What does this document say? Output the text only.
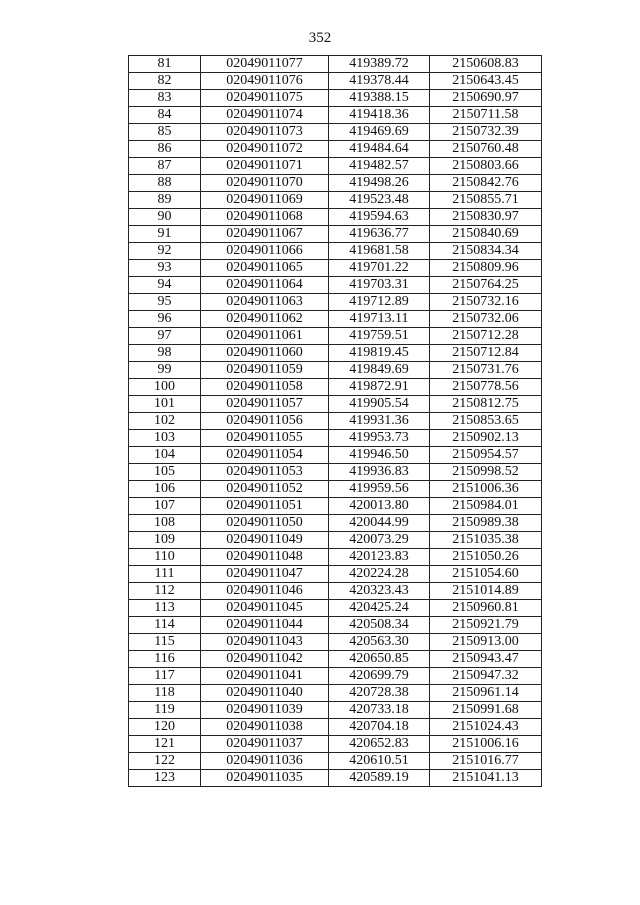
352
81	02049011077	419389.72	2150608.83
82	02049011076	419378.44	2150643.45
83	02049011075	419388.15	2150690.97
84	02049011074	419418.36	2150711.58
85	02049011073	419469.69	2150732.39
86	02049011072	419484.64	2150760.48
87	02049011071	419482.57	2150803.66
88	02049011070	419498.26	2150842.76
89	02049011069	419523.48	2150855.71
90	02049011068	419594.63	2150830.97
91	02049011067	419636.77	2150840.69
92	02049011066	419681.58	2150834.34
93	02049011065	419701.22	2150809.96
94	02049011064	419703.31	2150764.25
95	02049011063	419712.89	2150732.16
96	02049011062	419713.11	2150732.06
97	02049011061	419759.51	2150712.28
98	02049011060	419819.45	2150712.84
99	02049011059	419849.69	2150731.76
100	02049011058	419872.91	2150778.56
101	02049011057	419905.54	2150812.75
102	02049011056	419931.36	2150853.65
103	02049011055	419953.73	2150902.13
104	02049011054	419946.50	2150954.57
105	02049011053	419936.83	2150998.52
106	02049011052	419959.56	2151006.36
107	02049011051	420013.80	2150984.01
108	02049011050	420044.99	2150989.38
109	02049011049	420073.29	2151035.38
110	02049011048	420123.83	2151050.26
111	02049011047	420224.28	2151054.60
112	02049011046	420323.43	2151014.89
113	02049011045	420425.24	2150960.81
114	02049011044	420508.34	2150921.79
115	02049011043	420563.30	2150913.00
116	02049011042	420650.85	2150943.47
117	02049011041	420699.79	2150947.32
118	02049011040	420728.38	2150961.14
119	02049011039	420733.18	2150991.68
120	02049011038	420704.18	2151024.43
121	02049011037	420652.83	2151006.16
122	02049011036	420610.51	2151016.77
123	02049011035	420589.19	2151041.13
